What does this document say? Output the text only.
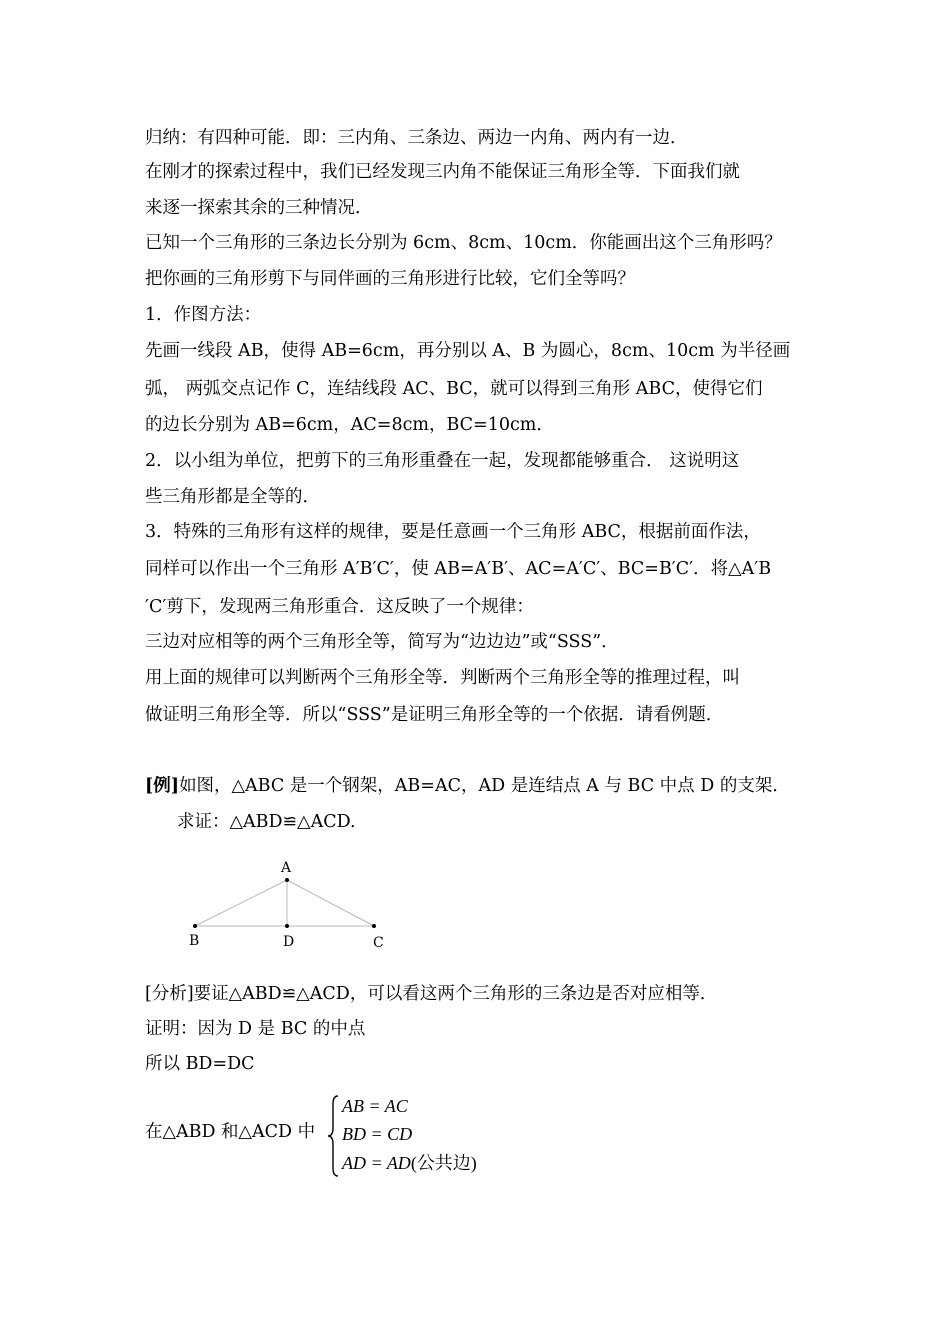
归纳：有四种可能．即：三内角、三条边、两边一内角、两内有一边．
在刚才的探索过程中，我们已经发现三内角不能保证三角形全等．下面我们就
来逐一探索其余的三种情况．
已知一个三角形的三条边长分别为 6cm、8cm、10cm．你能画出这个三角形吗？
把你画的三角形剪下与同伴画的三角形进行比较，它们全等吗？
1．作图方法：
先画一线段 AB，使得 AB=6cm，再分别以 A、B 为圆心，8cm、10cm 为半径画
弧， 两弧交点记作 C，连结线段 AC、BC，就可以得到三角形 ABC，使得它们
的边长分别为 AB=6cm，AC=8cm，BC=10cm．
2．以小组为单位，把剪下的三角形重叠在一起，发现都能够重合． 这说明这
些三角形都是全等的．
3．特殊的三角形有这样的规律，要是任意画一个三角形 ABC，根据前面作法，
同样可以作出一个三角形 A′B′C′，使 AB=A′B′、AC=A′C′、BC=B′C′．将△A′B
′C′剪下，发现两三角形重合．这反映了一个规律：
三边对应相等的两个三角形全等，简写为“边边边”或“SSS”．
用上面的规律可以判断两个三角形全等．判断两个三角形全等的推理过程，叫
做证明三角形全等．所以“SSS”是证明三角形全等的一个依据．请看例题．
[例]如图，△ABC 是一个钢架，AB=AC，AD 是连结点 A 与 BC 中点 D 的支架．
求证：△ABD≌△ACD.
A
B	D	C
[分析]要证△ABD≌△ACD，可以看这两个三角形的三条边是否对应相等．
证明：因为 D 是 BC 的中点
所以 BD=DC
在△ABD 和△ACD 中
AB = AC
BD = CD
AD = AD(公共边)
